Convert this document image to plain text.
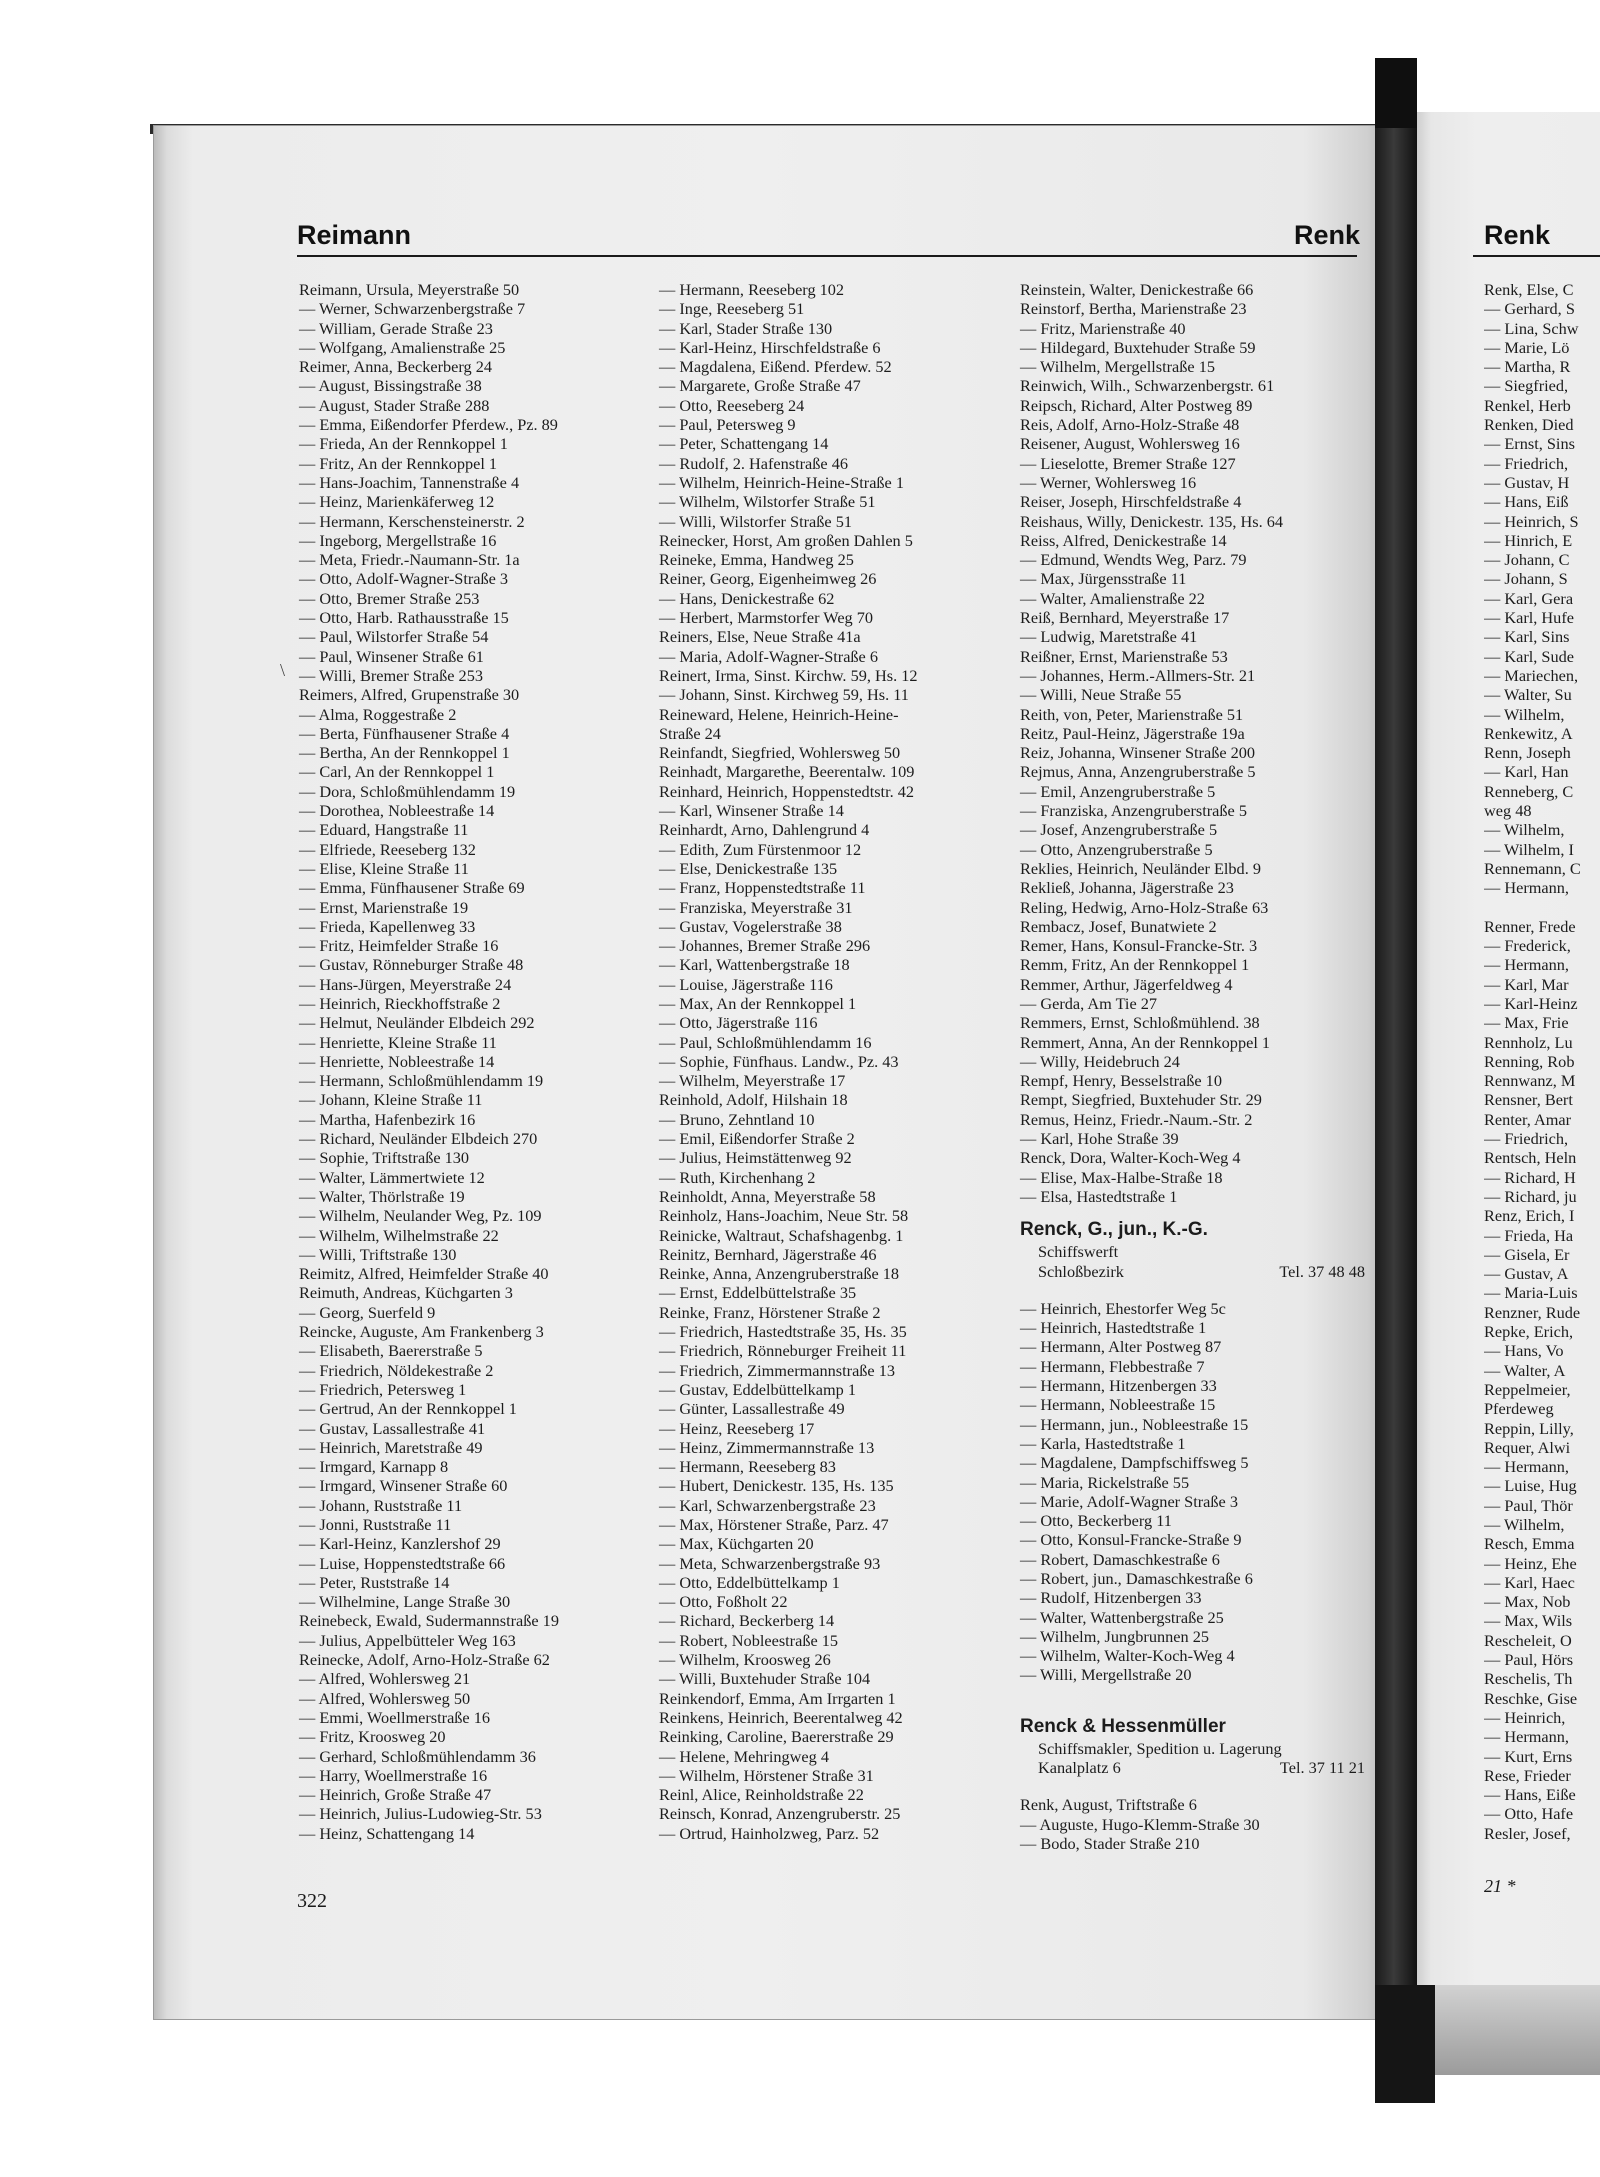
Reimann	Renk	Renk
\
Reimann, Ursula, Meyerstraße 50
— Werner, Schwarzenbergstraße 7
— William, Gerade Straße 23
— Wolfgang, Amalienstraße 25
Reimer, Anna, Beckerberg 24
— August, Bissingstraße 38
— August, Stader Straße 288
— Emma, Eißendorfer Pferdew., Pz. 89
— Frieda, An der Rennkoppel 1
— Fritz, An der Rennkoppel 1
— Hans-Joachim, Tannenstraße 4
— Heinz, Marienkäferweg 12
— Hermann, Kerschensteinerstr. 2
— Ingeborg, Mergellstraße 16
— Meta, Friedr.-Naumann-Str. 1a
— Otto, Adolf-Wagner-Straße 3
— Otto, Bremer Straße 253
— Otto, Harb. Rathausstraße 15
— Paul, Wilstorfer Straße 54
— Paul, Winsener Straße 61
— Willi, Bremer Straße 253
Reimers, Alfred, Grupenstraße 30
— Alma, Roggestraße 2
— Berta, Fünfhausener Straße 4
— Bertha, An der Rennkoppel 1
— Carl, An der Rennkoppel 1
— Dora, Schloßmühlendamm 19
— Dorothea, Nobleestraße 14
— Eduard, Hangstraße 11
— Elfriede, Reeseberg 132
— Elise, Kleine Straße 11
— Emma, Fünfhausener Straße 69
— Ernst, Marienstraße 19
— Frieda, Kapellenweg 33
— Fritz, Heimfelder Straße 16
— Gustav, Rönneburger Straße 48
— Hans-Jürgen, Meyerstraße 24
— Heinrich, Rieckhoffstraße 2
— Helmut, Neuländer Elbdeich 292
— Henriette, Kleine Straße 11
— Henriette, Nobleestraße 14
— Hermann, Schloßmühlendamm 19
— Johann, Kleine Straße 11
— Martha, Hafenbezirk 16
— Richard, Neuländer Elbdeich 270
— Sophie, Triftstraße 130
— Walter, Lämmertwiete 12
— Walter, Thörlstraße 19
— Wilhelm, Neulander Weg, Pz. 109
— Wilhelm, Wilhelmstraße 22
— Willi, Triftstraße 130
Reimitz, Alfred, Heimfelder Straße 40
Reimuth, Andreas, Küchgarten 3
— Georg, Suerfeld 9
Reincke, Auguste, Am Frankenberg 3
— Elisabeth, Baererstraße 5
— Friedrich, Nöldekestraße 2
— Friedrich, Petersweg 1
— Gertrud, An der Rennkoppel 1
— Gustav, Lassallestraße 41
— Heinrich, Maretstraße 49
— Irmgard, Karnapp 8
— Irmgard, Winsener Straße 60
— Johann, Ruststraße 11
— Jonni, Ruststraße 11
— Karl-Heinz, Kanzlershof 29
— Luise, Hoppenstedtstraße 66
— Peter, Ruststraße 14
— Wilhelmine, Lange Straße 30
Reinebeck, Ewald, Sudermannstraße 19
— Julius, Appelbütteler Weg 163
Reinecke, Adolf, Arno-Holz-Straße 62
— Alfred, Wohlersweg 21
— Alfred, Wohlersweg 50
— Emmi, Woellmerstraße 16
— Fritz, Kroosweg 20
— Gerhard, Schloßmühlendamm 36
— Harry, Woellmerstraße 16
— Heinrich, Große Straße 47
— Heinrich, Julius-Ludowieg-Str. 53
— Heinz, Schattengang 14
— Hermann, Reeseberg 102
— Inge, Reeseberg 51
— Karl, Stader Straße 130
— Karl-Heinz, Hirschfeldstraße 6
— Magdalena, Eißend. Pferdew. 52
— Margarete, Große Straße 47
— Otto, Reeseberg 24
— Paul, Petersweg 9
— Peter, Schattengang 14
— Rudolf, 2. Hafenstraße 46
— Wilhelm, Heinrich-Heine-Straße 1
— Wilhelm, Wilstorfer Straße 51
— Willi, Wilstorfer Straße 51
Reinecker, Horst, Am großen Dahlen 5
Reineke, Emma, Handweg 25
Reiner, Georg, Eigenheimweg 26
— Hans, Denickestraße 62
— Herbert, Marmstorfer Weg 70
Reiners, Else, Neue Straße 41a
— Maria, Adolf-Wagner-Straße 6
Reinert, Irma, Sinst. Kirchw. 59, Hs. 12
— Johann, Sinst. Kirchweg 59, Hs. 11
Reineward, Helene, Heinrich-Heine-
Straße 24
Reinfandt, Siegfried, Wohlersweg 50
Reinhadt, Margarethe, Beerentalw. 109
Reinhard, Heinrich, Hoppenstedtstr. 42
— Karl, Winsener Straße 14
Reinhardt, Arno, Dahlengrund 4
— Edith, Zum Fürstenmoor 12
— Else, Denickestraße 135
— Franz, Hoppenstedtstraße 11
— Franziska, Meyerstraße 31
— Gustav, Vogelerstraße 38
— Johannes, Bremer Straße 296
— Karl, Wattenbergstraße 18
— Louise, Jägerstraße 116
— Max, An der Rennkoppel 1
— Otto, Jägerstraße 116
— Paul, Schloßmühlendamm 16
— Sophie, Fünfhaus. Landw., Pz. 43
— Wilhelm, Meyerstraße 17
Reinhold, Adolf, Hilshain 18
— Bruno, Zehntland 10
— Emil, Eißendorfer Straße 2
— Julius, Heimstättenweg 92
— Ruth, Kirchenhang 2
Reinholdt, Anna, Meyerstraße 58
Reinholz, Hans-Joachim, Neue Str. 58
Reinicke, Waltraut, Schafshagenbg. 1
Reinitz, Bernhard, Jägerstraße 46
Reinke, Anna, Anzengruberstraße 18
— Ernst, Eddelbüttelstraße 35
Reinke, Franz, Hörstener Straße 2
— Friedrich, Hastedtstraße 35, Hs. 35
— Friedrich, Rönneburger Freiheit 11
— Friedrich, Zimmermannstraße 13
— Gustav, Eddelbüttelkamp 1
— Günter, Lassallestraße 49
— Heinz, Reeseberg 17
— Heinz, Zimmermannstraße 13
— Hermann, Reeseberg 83
— Hubert, Denickestr. 135, Hs. 135
— Karl, Schwarzenbergstraße 23
— Max, Hörstener Straße, Parz. 47
— Max, Küchgarten 20
— Meta, Schwarzenbergstraße 93
— Otto, Eddelbüttelkamp 1
— Otto, Foßholt 22
— Richard, Beckerberg 14
— Robert, Nobleestraße 15
— Wilhelm, Kroosweg 26
— Willi, Buxtehuder Straße 104
Reinkendorf, Emma, Am Irrgarten 1
Reinkens, Heinrich, Beerentalweg 42
Reinking, Caroline, Baererstraße 29
— Helene, Mehringweg 4
— Wilhelm, Hörstener Straße 31
Reinl, Alice, Reinholdstraße 22
Reinsch, Konrad, Anzengruberstr. 25
— Ortrud, Hainholzweg, Parz. 52
Reinstein, Walter, Denickestraße 66
Reinstorf, Bertha, Marienstraße 23
— Fritz, Marienstraße 40
— Hildegard, Buxtehuder Straße 59
— Wilhelm, Mergellstraße 15
Reinwich, Wilh., Schwarzenbergstr. 61
Reipsch, Richard, Alter Postweg 89
Reis, Adolf, Arno-Holz-Straße 48
Reisener, August, Wohlersweg 16
— Lieselotte, Bremer Straße 127
— Werner, Wohlersweg 16
Reiser, Joseph, Hirschfeldstraße 4
Reishaus, Willy, Denickestr. 135, Hs. 64
Reiss, Alfred, Denickestraße 14
— Edmund, Wendts Weg, Parz. 79
— Max, Jürgensstraße 11
— Walter, Amalienstraße 22
Reiß, Bernhard, Meyerstraße 17
— Ludwig, Maretstraße 41
Reißner, Ernst, Marienstraße 53
— Johannes, Herm.-Allmers-Str. 21
— Willi, Neue Straße 55
Reith, von, Peter, Marienstraße 51
Reitz, Paul-Heinz, Jägerstraße 19a
Reiz, Johanna, Winsener Straße 200
Rejmus, Anna, Anzengruberstraße 5
— Emil, Anzengruberstraße 5
— Franziska, Anzengruberstraße 5
— Josef, Anzengruberstraße 5
— Otto, Anzengruberstraße 5
Reklies, Heinrich, Neuländer Elbd. 9
Rekließ, Johanna, Jägerstraße 23
Reling, Hedwig, Arno-Holz-Straße 63
Rembacz, Josef, Bunatwiete 2
Remer, Hans, Konsul-Francke-Str. 3
Remm, Fritz, An der Rennkoppel 1
Remmer, Arthur, Jägerfeldweg 4
— Gerda, Am Tie 27
Remmers, Ernst, Schloßmühlend. 38
Remmert, Anna, An der Rennkoppel 1
— Willy, Heidebruch 24
Rempf, Henry, Besselstraße 10
Rempt, Siegfried, Buxtehuder Str. 29
Remus, Heinz, Friedr.-Naum.-Str. 2
— Karl, Hohe Straße 39
Renck, Dora, Walter-Koch-Weg 4
— Elise, Max-Halbe-Straße 18
— Elsa, Hastedtstraße 1
Renck, G., jun., K.-G.
Schiffswerft
Schloßbezirk	Tel. 37 48 48
— Heinrich, Ehestorfer Weg 5c
— Heinrich, Hastedtstraße 1
— Hermann, Alter Postweg 87
— Hermann, Flebbestraße 7
— Hermann, Hitzenbergen 33
— Hermann, Nobleestraße 15
— Hermann, jun., Nobleestraße 15
— Karla, Hastedtstraße 1
— Magdalene, Dampfschiffsweg 5
— Maria, Rickelstraße 55
— Marie, Adolf-Wagner Straße 3
— Otto, Beckerberg 11
— Otto, Konsul-Francke-Straße 9
— Robert, Damaschkestraße 6
— Robert, jun., Damaschkestraße 6
— Rudolf, Hitzenbergen 33
— Walter, Wattenbergstraße 25
— Wilhelm, Jungbrunnen 25
— Wilhelm, Walter-Koch-Weg 4
— Willi, Mergellstraße 20
Renck & Hessenmüller
Schiffsmakler, Spedition u. Lagerung
Kanalplatz 6	Tel. 37 11 21
Renk, August, Triftstraße 6
— Auguste, Hugo-Klemm-Straße 30
— Bodo, Stader Straße 210
Renk, Else, C
— Gerhard, S
— Lina, Schw
— Marie, Lö
— Martha, R
— Siegfried,
Renkel, Herb
Renken, Died
— Ernst, Sins
— Friedrich,
— Gustav, H
— Hans, Eiß
— Heinrich, S
— Hinrich, E
— Johann, C
— Johann, S
— Karl, Gera
— Karl, Hufe
— Karl, Sins
— Karl, Sude
— Mariechen,
— Walter, Su
— Wilhelm,
Renkewitz, A
Renn, Joseph
— Karl, Han
Renneberg, C
weg 48
— Wilhelm,
— Wilhelm, I
Rennemann, C
— Hermann,

Renner, Frede
— Frederick,
— Hermann,
— Karl, Mar
— Karl-Heinz
— Max, Frie
Rennholz, Lu
Renning, Rob
Rennwanz, M
Rensner, Bert
Renter, Amar
— Friedrich,
Rentsch, Heln
— Richard, H
— Richard, ju
Renz, Erich, I
— Frieda, Ha
— Gisela, Er
— Gustav, A
— Maria-Luis
Renzner, Rude
Repke, Erich,
— Hans, Vo
— Walter, A
Reppelmeier,
Pferdeweg
Reppin, Lilly,
Requer, Alwi
— Hermann,
— Luise, Hug
— Paul, Thör
— Wilhelm,
Resch, Emma
— Heinz, Ehe
— Karl, Haec
— Max, Nob
— Max, Wils
Rescheleit, O
— Paul, Hörs
Reschelis, Th
Reschke, Gise
— Heinrich,
— Hermann,
— Kurt, Erns
Rese, Frieder
— Hans, Eiße
— Otto, Hafe
Resler, Josef,
322
21 *
